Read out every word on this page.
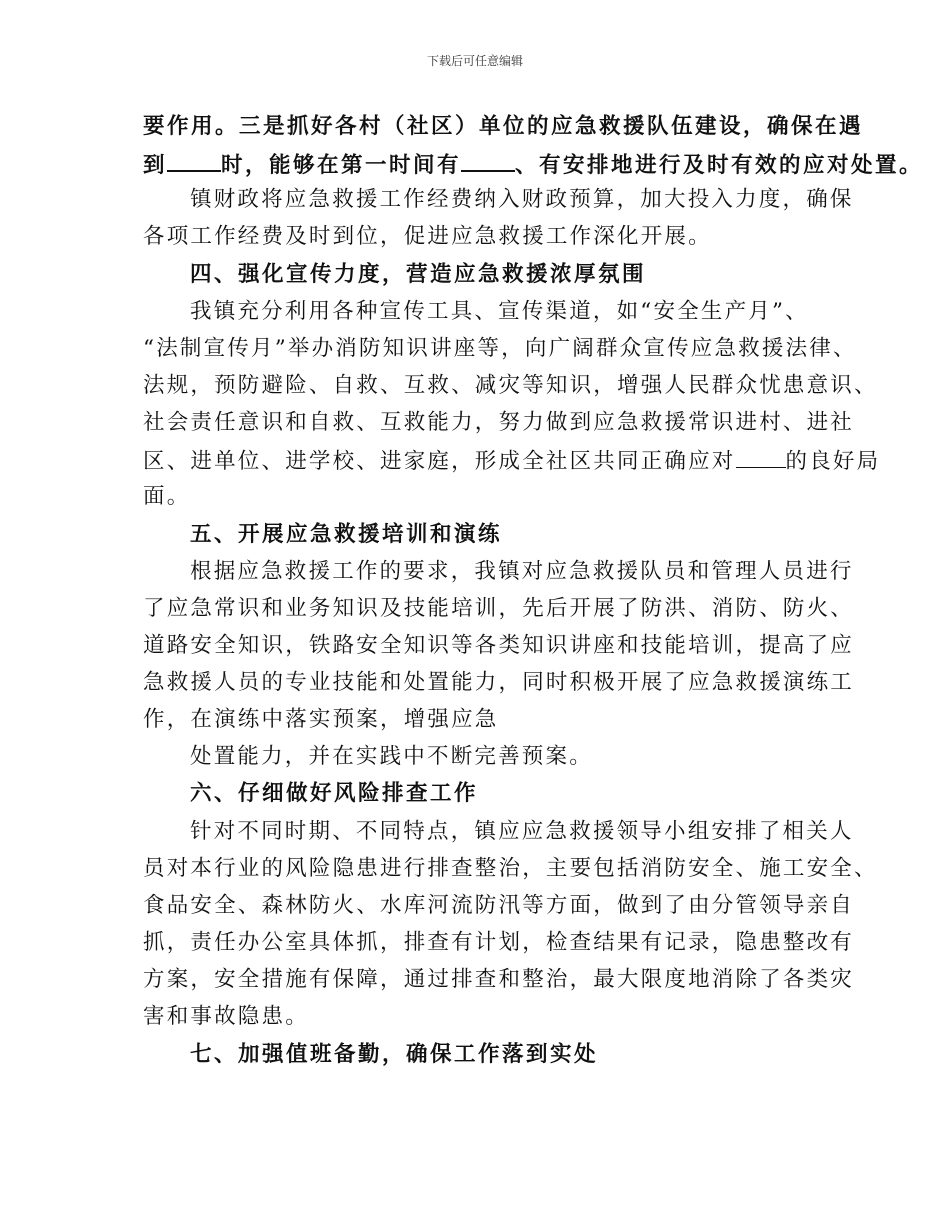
下载后可任意编辑
要作用。三是抓好各村（社区）单位的应急救援队伍建设，确保在遇
到	时，能够在第一时间有	、有安排地进行及时有效的应对处置。
镇财政将应急救援工作经费纳入财政预算，加大投入力度，确保
各项工作经费及时到位，促进应急救援工作深化开展。
四、强化宣传力度，营造应急救援浓厚氛围
我镇充分利用各种宣传工具、宣传渠道，如“安全生产月”、
“法制宣传月”举办消防知识讲座等，向广阔群众宣传应急救援法律、
法规，预防避险、自救、互救、减灾等知识，增强人民群众忧患意识、
社会责任意识和自救、互救能力，努力做到应急救援常识进村、进社
区、进单位、进学校、进家庭，形成全社区共同正确应对 的良好局
面。
五、开展应急救援培训和演练
根据应急救援工作的要求，我镇对应急救援队员和管理人员进行
了应急常识和业务知识及技能培训，先后开展了防洪、消防、防火、
道路安全知识，铁路安全知识等各类知识讲座和技能培训，提高了应
急救援人员的专业技能和处置能力，同时积极开展了应急救援演练工
作，在演练中落实预案，增强应急
处置能力，并在实践中不断完善预案。
六、仔细做好风险排查工作
针对不同时期、不同特点，镇应应急救援领导小组安排了相关人
员对本行业的风险隐患进行排查整治，主要包括消防安全、施工安全、
食品安全、森林防火、水库河流防汛等方面，做到了由分管领导亲自
抓，责任办公室具体抓，排查有计划，检查结果有记录，隐患整改有
方案，安全措施有保障，通过排查和整治，最大限度地消除了各类灾
害和事故隐患。
七、加强值班备勤，确保工作落到实处
